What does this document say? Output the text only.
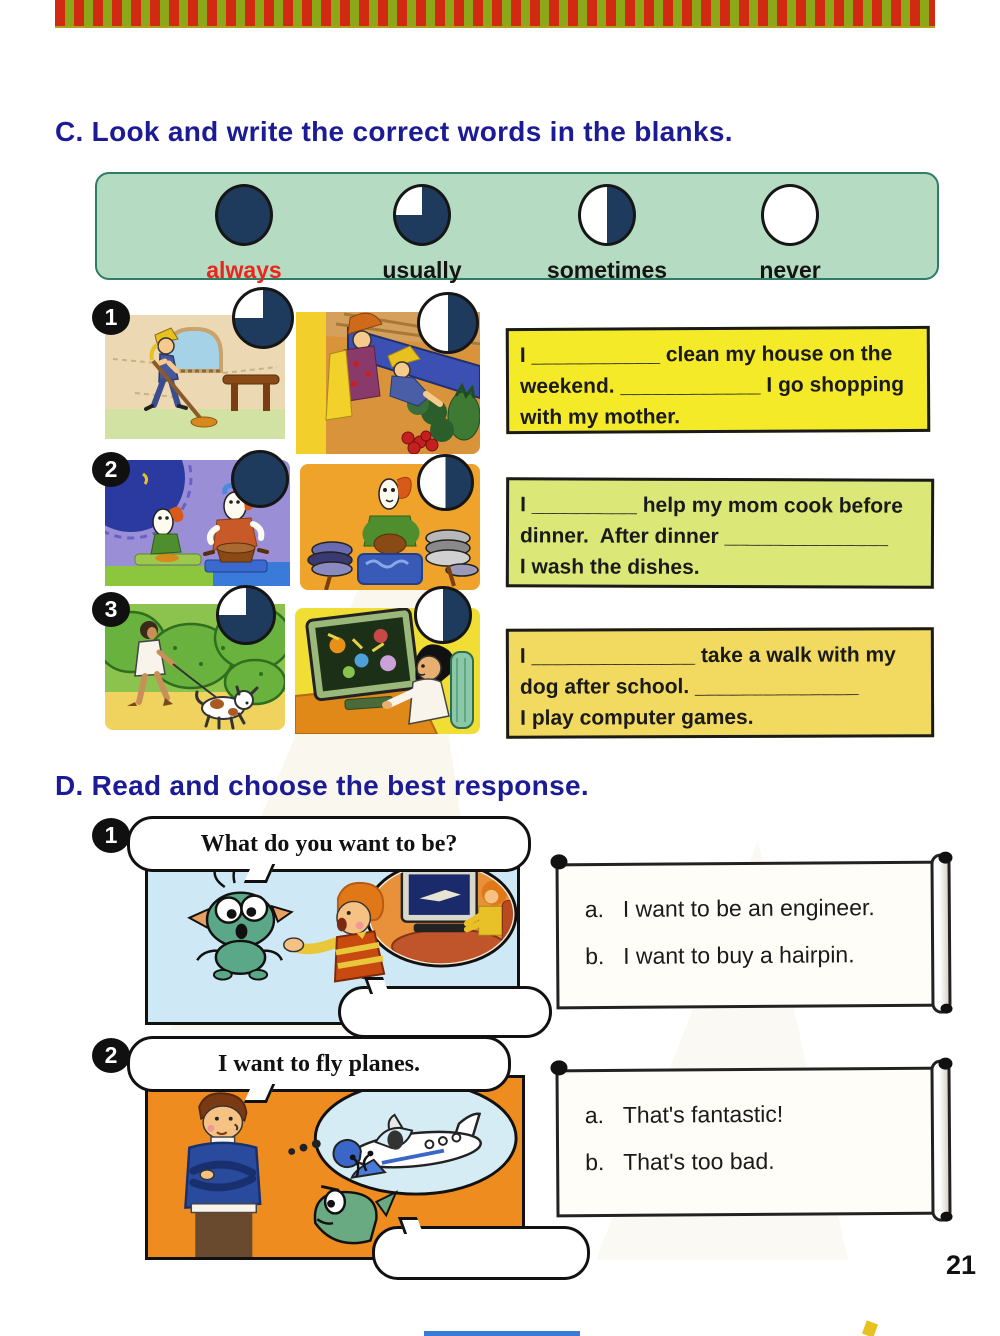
C. Look and write the correct words in the blanks.
always	usually	sometimes	never
1
I ___________ clean my house on the
weekend. ____________ I go shopping
with my mother.
2
I _________ help my mom cook before
dinner.  After dinner ______________
I wash the dishes.
3
I ______________ take a walk with my
dog after school. ______________
I play computer games.
D. Read and choose the best response.
1	What do you want to be?
a. I want to be an engineer.
b. I want to buy a hairpin.
2	I want to fly planes.
a. That's fantastic!
b. That's too bad.
21
